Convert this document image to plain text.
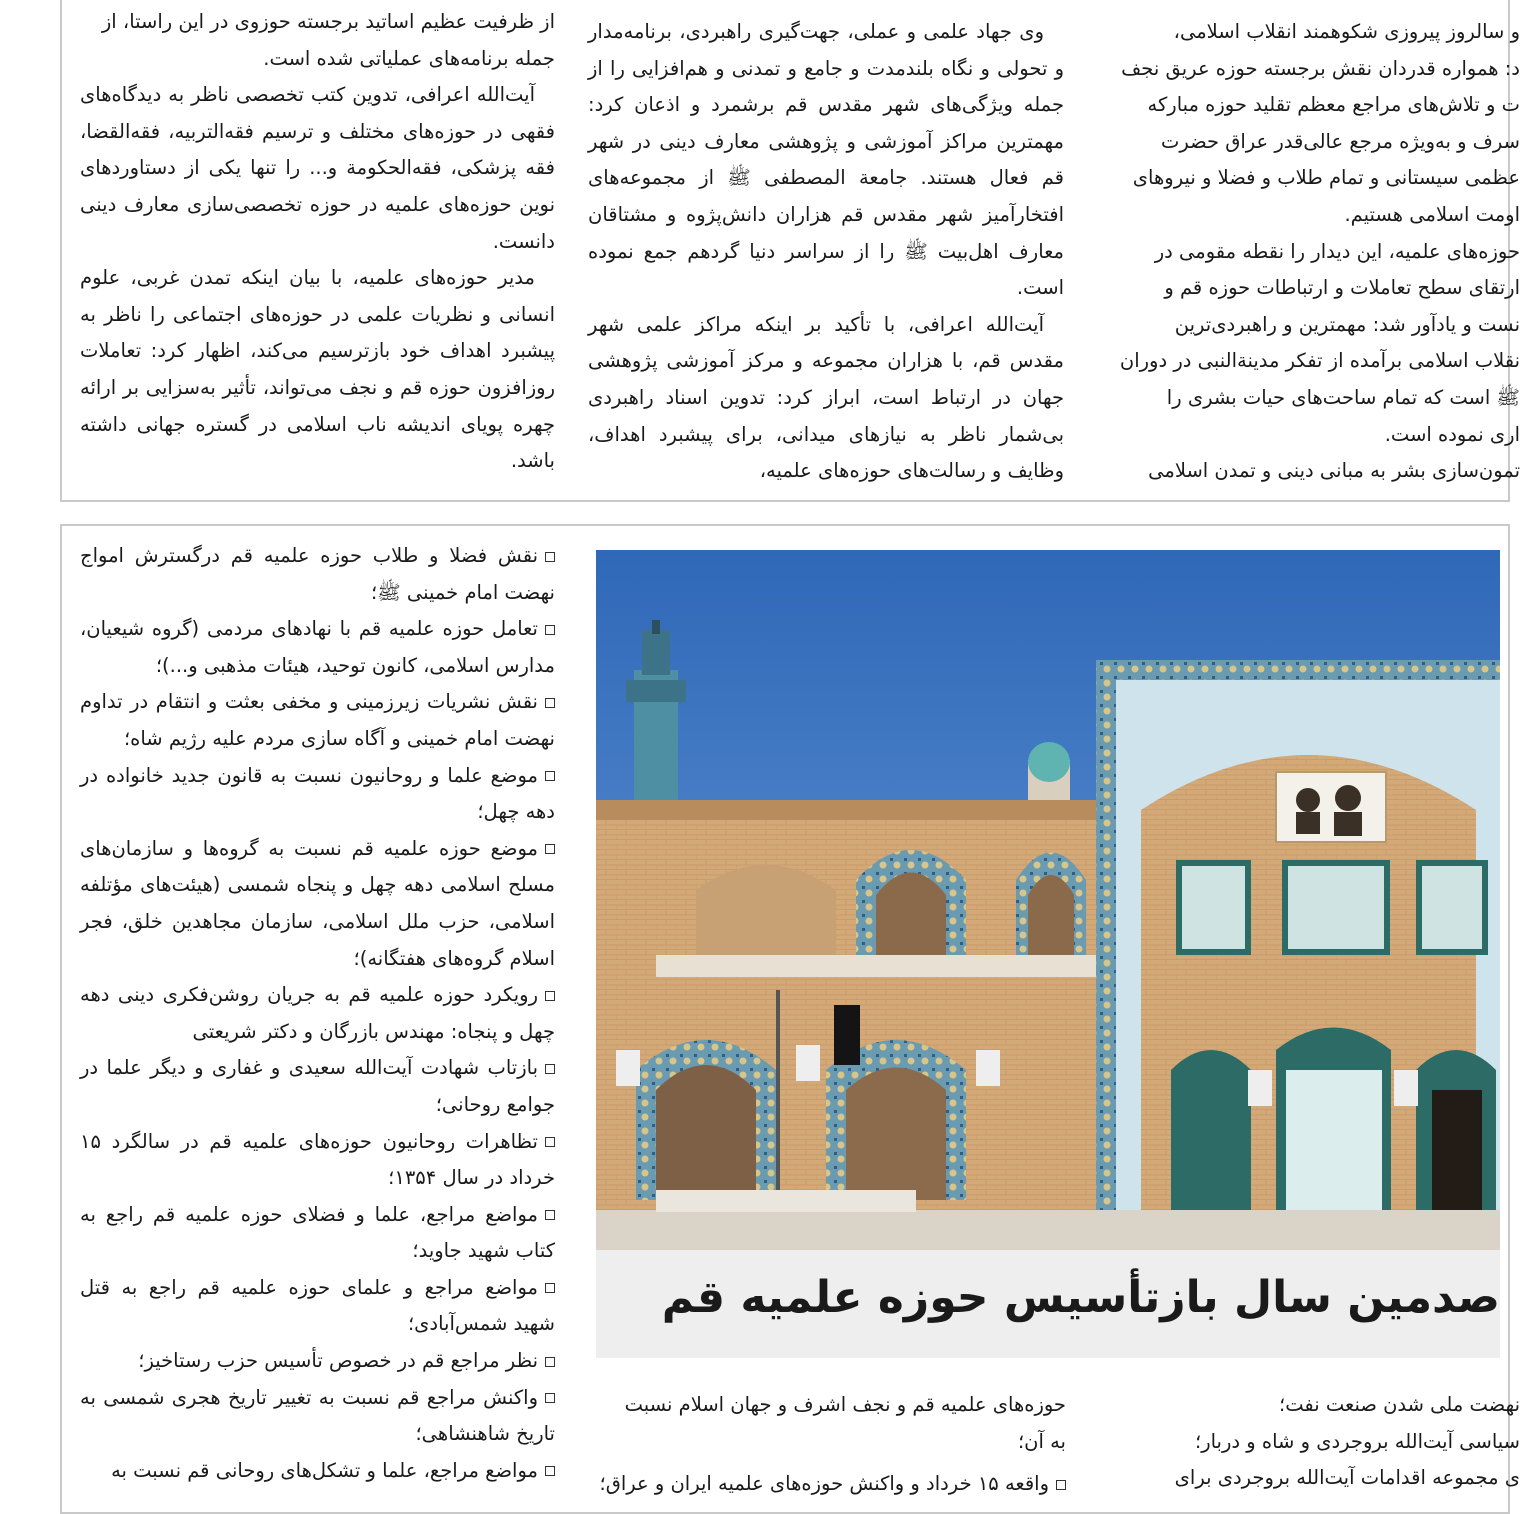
از ظرفیت عظیم اساتید برجسته حوزوی در این راستا، از

جمله برنامه‌های عملیاتی شده است.

آیت‌الله اعرافی، تدوین کتب تخصصی ناظر به دیدگاه‌های فقهی در حوزه‌های مختلف و ترسیم فقه‌التربیه، فقه‌القضا، فقه پزشکی، فقه‌الحکومة و... را تنها یکی از دستاوردهای نوین حوزه‌های علمیه در حوزه تخصصی‌سازی معارف دینی دانست.

مدیر حوزه‌های علمیه، با بیان اینکه تمدن غربی، علوم انسانی و نظریات علمی در حوزه‌های اجتماعی را ناظر به پیشبرد اهداف خود بازترسیم می‌کند، اظهار کرد: تعاملات روزافزون حوزه قم و نجف می‌تواند، تأثیر به‌سزایی بر ارائه چهره پویای اندیشه ناب اسلامی در گستره جهانی داشته باشد.

وی جهاد علمی و عملی، جهت‌گیری راهبردی، برنامه‌مدار و تحولی و نگاه بلندمدت و جامع و تمدنی و هم‌افزایی را از جمله ویژگی‌های شهر مقدس قم برشمرد و اذعان کرد: مهمترین مراکز آموزشی و پژوهشی معارف دینی در شهر قم فعال هستند. جامعة المصطفی ﷺ از مجموعه‌های افتخارآمیز شهر مقدس قم هزاران دانش‌پژوه و مشتاقان معارف اهل‌بیت ﷺ را از سراسر دنیا گردهم جمع نموده است.

آیت‌الله اعرافی، با تأکید بر اینکه مراکز علمی شهر مقدس قم، با هزاران مجموعه و مرکز آموزشی پژوهشی جهان در ارتباط است، ابراز کرد: تدوین اسناد راهبردی بی‌شمار ناظر به نیازهای میدانی، برای پیشبرد اهداف، وظایف و رسالت‌های حوزه‌های علمیه،

و سالروز پیروزی شکوهمند انقلاب اسلامی،

د: همواره قدردان نقش برجسته حوزه عریق نجف

ت و تلاش‌های مراجع معظم تقلید حوزه مبارکه

سرف و به‌ویژه مرجع عالی‌قدر عراق حضرت

عظمی سیستانی و تمام طلاب و فضلا و نیروهای

اومت اسلامی هستیم.

حوزه‌های علمیه، این دیدار را نقطه مقومی در

ارتقای سطح تعاملات و ارتباطات حوزه قم و

نست و یادآور شد: مهمترین و راهبردی‌ترین

نقلاب اسلامی برآمده از تفکر مدینة‌النبی در دوران

ﷺ است که تمام ساحت‌های حیات بشری را

اری نموده است.

تمون‌سازی بشر به مبانی دینی و تمدن اسلامی

نقش فضلا و طلاب حوزه علمیه قم درگسترش امواج نهضت امام خمینی ﷺ؛

تعامل حوزه علمیه قم با نهادهای مردمی (گروه شیعیان، مدارس اسلامی، کانون توحید، هیئات مذهبی و...)؛

نقش نشریات زیرزمینی و مخفی بعثت و انتقام در تداوم نهضت امام خمینی و آگاه سازی مردم علیه رژیم شاه؛

موضع علما و روحانیون نسبت به قانون جدید خانواده در دهه چهل؛

موضع حوزه علمیه قم نسبت به گروه‌ها و سازمان‌های مسلح اسلامی دهه چهل و پنجاه شمسی (هیئت‌های مؤتلفه اسلامی، حزب ملل اسلامی، سازمان مجاهدین خلق، فجر اسلام گروه‌های هفتگانه)؛

رویکرد حوزه علمیه قم به جریان روشن‌فکری دینی دهه چهل و پنجاه: مهندس بازرگان و دکتر شریعتی

بازتاب شهادت آیت‌الله سعیدی و غفاری و دیگر علما در جوامع روحانی؛

تظاهرات روحانیون حوزه‌های علمیه قم در سالگرد ۱۵ خرداد در سال ۱۳۵۴؛

مواضع مراجع، علما و فضلای حوزه علمیه قم راجع به کتاب شهید جاوید؛

مواضع مراجع و علمای حوزه علمیه قم راجع به قتل شهید شمس‌آبادی؛

نظر مراجع قم در خصوص تأسیس حزب رستاخیز؛

واکنش مراجع قم نسبت به تغییر تاریخ هجری شمسی به تاریخ شاهنشاهی؛

مواضع مراجع، علما و تشکل‌های روحانی قم نسبت به

صدمین سال بازتأسیس حوزه علمیه قم

حوزه‌های علمیه قم و نجف اشرف و جهان اسلام نسبت

به آن؛

واقعه ۱۵ خرداد و واکنش حوزه‌های علمیه ایران و عراق؛

نهضت ملی شدن صنعت نفت؛

سیاسی آیت‌الله بروجردی و شاه و دربار؛

ی مجموعه اقدامات آیت‌الله بروجردی برای
